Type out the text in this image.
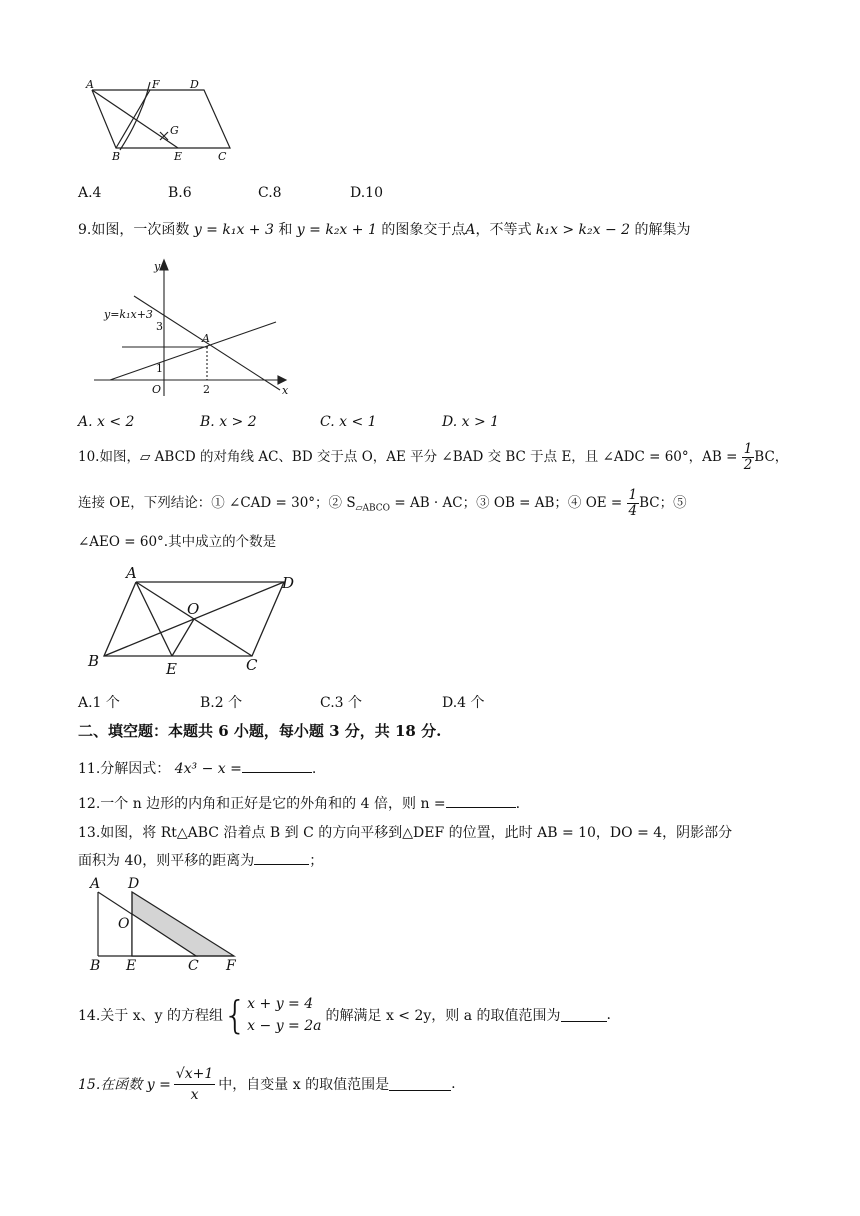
A	F	D
G
B	E	C
A.4	B.6	C.8	D.10
9.如图，一次函数 y = k₁x + 3 和 y = k₂x + 1 的图象交于点A，不等式 k₁x > k₂x − 2 的解集为
y
x
O
A
y=k₁x+3
3
1
2
A. x < 2	B. x > 2	C. x < 1	D. x > 1
10.如图，▱ ABCD 的对角线 AC、BD 交于点 O，AE 平分 ∠BAD 交 BC 于点 E，且 ∠ADC = 60°，AB = $\frac{1}{2}$ BC，
连接 OE，下列结论：① ∠CAD = 30°；② $S_{▱ABCO}$ = AB · AC；③ OB = AB；④ OE = $\frac{1}{4}$ BC；⑤
∠AEO = 60°.其中成立的个数是
A
D
O
B	E	C
A.1 个	B.2 个	C.3 个	D.4 个
二、填空题：本题共 6 小题，每小题 3 分，共 18 分.
11.分解因式： 4x³ − x =	.
12.一个 n 边形的内角和正好是它的外角和的 4 倍，则 n =	.
13.如图，将 Rt△ABC 沿着点 B 到 C 的方向平移到△DEF 的位置，此时 AB = 10，DO = 4，阴影部分
面积为 40，则平移的距离为	；
A D
O
B E	C F
14.关于 x、y 的方程组 { x + y = 4
x − y = 2a
的解满足 x < 2y，则 a 的取值范围为	.
15.在函数 $y = \frac{√x+1}{x}$ 中，自变量 x 的取值范围是	.
